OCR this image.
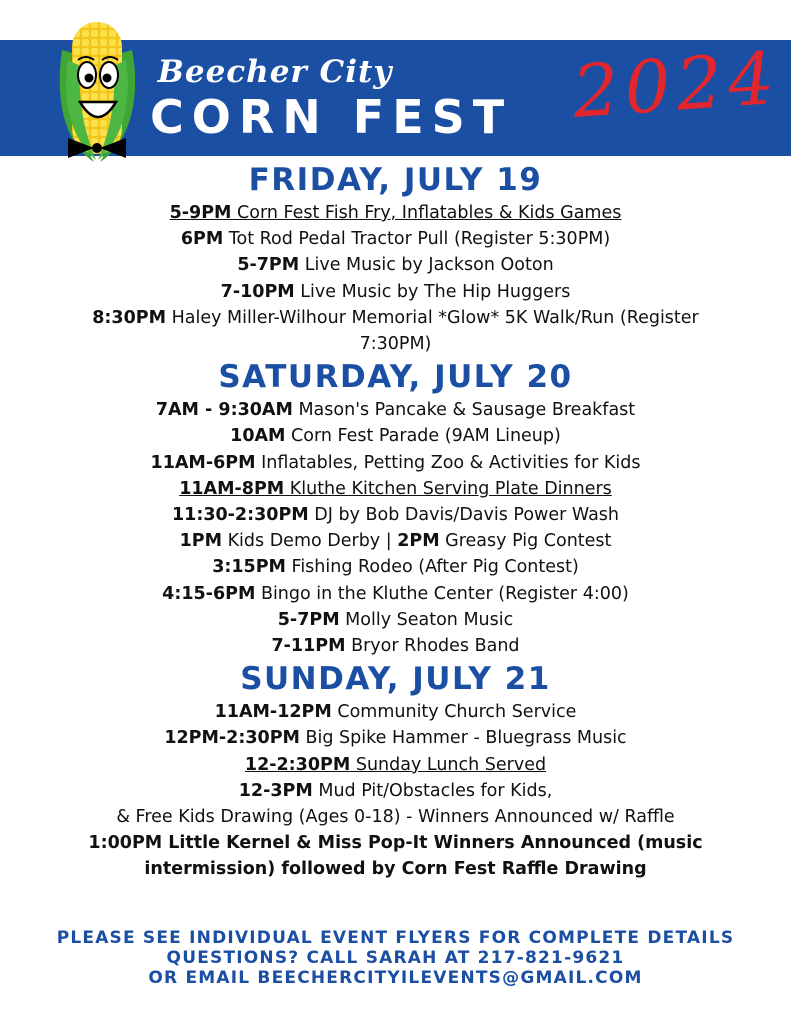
Beecher City
CORN FEST 2024
FRIDAY, JULY 19
5-9PM Corn Fest Fish Fry, Inflatables & Kids Games
6PM Tot Rod Pedal Tractor Pull (Register 5:30PM)
5-7PM Live Music by Jackson Ooton
7-10PM Live Music by The Hip Huggers
8:30PM Haley Miller-Wilhour Memorial *Glow* 5K Walk/Run (Register 7:30PM)
SATURDAY, JULY 20
7AM - 9:30AM Mason's Pancake & Sausage Breakfast
10AM Corn Fest Parade (9AM Lineup)
11AM-6PM Inflatables, Petting Zoo & Activities for Kids
11AM-8PM Kluthe Kitchen Serving Plate Dinners
11:30-2:30PM DJ by Bob Davis/Davis Power Wash
1PM Kids Demo Derby | 2PM Greasy Pig Contest
3:15PM Fishing Rodeo (After Pig Contest)
4:15-6PM Bingo in the Kluthe Center (Register 4:00)
5-7PM Molly Seaton Music
7-11PM Bryor Rhodes Band
SUNDAY, JULY 21
11AM-12PM Community Church Service
12PM-2:30PM Big Spike Hammer - Bluegrass Music
12-2:30PM Sunday Lunch Served
12-3PM Mud Pit/Obstacles for Kids,
& Free Kids Drawing (Ages 0-18) - Winners Announced w/ Raffle
1:00PM Little Kernel & Miss Pop-It Winners Announced (music intermission) followed by Corn Fest Raffle Drawing
PLEASE SEE INDIVIDUAL EVENT FLYERS FOR COMPLETE DETAILS
QUESTIONS? CALL SARAH AT 217-821-9621
OR EMAIL BEECHERCITYILEVENTS@GMAIL.COM
